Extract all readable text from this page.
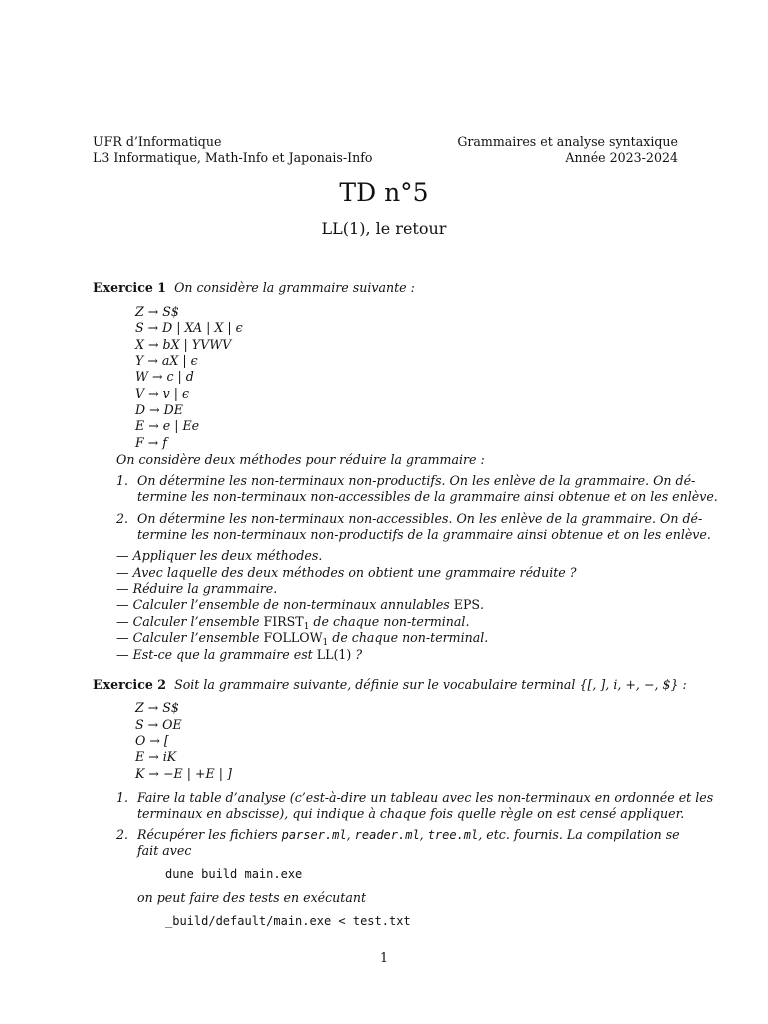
UFR d’Informatique
L3 Informatique, Math-Info et Japonais-Info
Grammaires et analyse syntaxique
Année 2023-2024
TD n°5
LL(1), le retour
Exercice 1 On considère la grammaire suivante :
Z → S$
S → D | XA | X | ϵ
X → bX | YVWV
Y → aX | ϵ
W → c | d
V → v | ϵ
D → DE
E → e | Ee
F → f
On considère deux méthodes pour réduire la grammaire :
1. On détermine les non-terminaux non-productifs. On les enlève de la grammaire. On dé-
termine les non-terminaux non-accessibles de la grammaire ainsi obtenue et on les enlève.
2. On détermine les non-terminaux non-accessibles. On les enlève de la grammaire. On dé-
termine les non-terminaux non-productifs de la grammaire ainsi obtenue et on les enlève.
— Appliquer les deux méthodes.
— Avec laquelle des deux méthodes on obtient une grammaire réduite ?
— Réduire la grammaire.
— Calculer l’ensemble de non-terminaux annulables EPS.
— Calculer l’ensemble $FIRST_1$ de chaque non-terminal.
— Calculer l’ensemble $FOLLOW_1$ de chaque non-terminal.
— Est-ce que la grammaire est LL(1) ?
Exercice 2 Soit la grammaire suivante, définie sur le vocabulaire terminal {[, ], i, +, −, $} :
Z → S$
S → OE
O → [
E → iK
K → −E | +E | ]
1. Faire la table d’analyse (c’est-à-dire un tableau avec les non-terminaux en ordonnée et les
terminaux en abscisse), qui indique à chaque fois quelle règle on est censé appliquer.
2. Récupérer les fichiers parser.ml, reader.ml, tree.ml, etc. fournis. La compilation se
fait avec
dune build main.exe
on peut faire des tests en exécutant
_build/default/main.exe < test.txt
1
